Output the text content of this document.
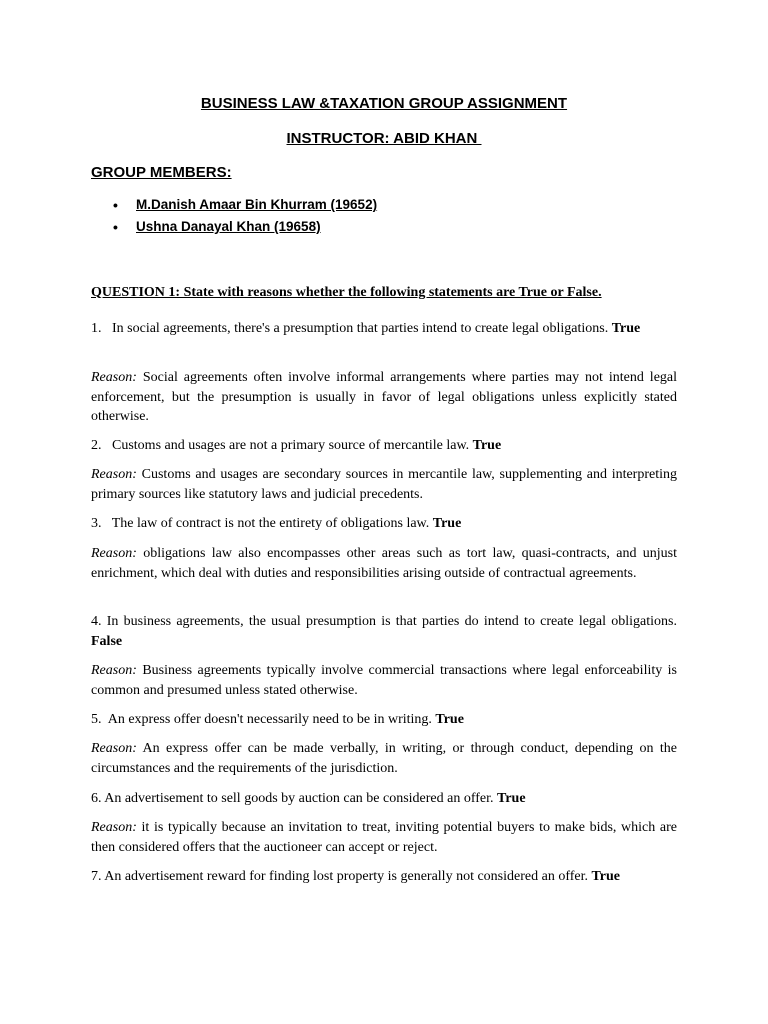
BUSINESS LAW &TAXATION GROUP ASSIGNMENT
INSTRUCTOR: ABID KHAN
GROUP MEMBERS:
• M.Danish Amaar Bin Khurram (19652)
• Ushna Danayal Khan (19658)
QUESTION 1: State with reasons whether the following statements are True or False.
1. In social agreements, there's a presumption that parties intend to create legal obligations. True
Reason: Social agreements often involve informal arrangements where parties may not intend legal enforcement, but the presumption is usually in favor of legal obligations unless explicitly stated otherwise.
2. Customs and usages are not a primary source of mercantile law. True
Reason: Customs and usages are secondary sources in mercantile law, supplementing and interpreting primary sources like statutory laws and judicial precedents.
3. The law of contract is not the entirety of obligations law. True
Reason: obligations law also encompasses other areas such as tort law, quasi-contracts, and unjust enrichment, which deal with duties and responsibilities arising outside of contractual agreements.
4. In business agreements, the usual presumption is that parties do intend to create legal obligations. False
Reason: Business agreements typically involve commercial transactions where legal enforceability is common and presumed unless stated otherwise.
5. An express offer doesn't necessarily need to be in writing. True
Reason: An express offer can be made verbally, in writing, or through conduct, depending on the circumstances and the requirements of the jurisdiction.
6. An advertisement to sell goods by auction can be considered an offer. True
Reason: it is typically because an invitation to treat, inviting potential buyers to make bids, which are then considered offers that the auctioneer can accept or reject.
7. An advertisement reward for finding lost property is generally not considered an offer. True
